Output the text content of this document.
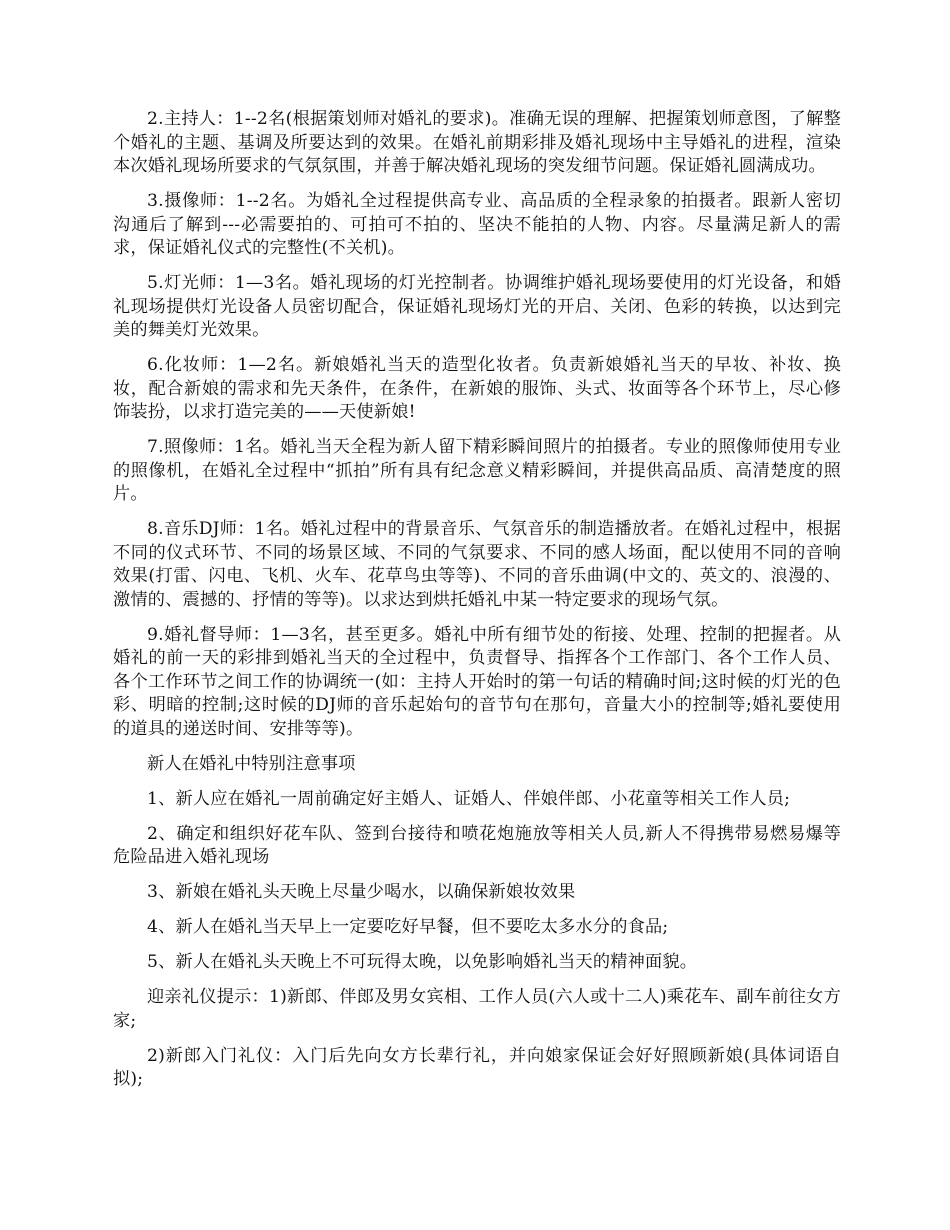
2.主持人：1--2名(根据策划师对婚礼的要求)。准确无误的理解、把握策划师意图，了解整个婚礼的主题、基调及所要达到的效果。在婚礼前期彩排及婚礼现场中主导婚礼的进程，渲染本次婚礼现场所要求的气氛氛围，并善于解决婚礼现场的突发细节问题。保证婚礼圆满成功。

3.摄像师：1--2名。为婚礼全过程提供高专业、高品质的全程录象的拍摄者。跟新人密切沟通后了解到---必需要拍的、可拍可不拍的、坚决不能拍的人物、内容。尽量满足新人的需求，保证婚礼仪式的完整性(不关机)。

5.灯光师：1—3名。婚礼现场的灯光控制者。协调维护婚礼现场要使用的灯光设备，和婚礼现场提供灯光设备人员密切配合，保证婚礼现场灯光的开启、关闭、色彩的转换，以达到完美的舞美灯光效果。

6.化妆师：1—2名。新娘婚礼当天的造型化妆者。负责新娘婚礼当天的早妆、补妆、换妆，配合新娘的需求和先天条件，在条件，在新娘的服饰、头式、妆面等各个环节上，尽心修饰装扮，以求打造完美的——天使新娘!

7.照像师：1名。婚礼当天全程为新人留下精彩瞬间照片的拍摄者。专业的照像师使用专业的照像机，在婚礼全过程中“抓拍”所有具有纪念意义精彩瞬间，并提供高品质、高清楚度的照片。

8.音乐DJ师：1名。婚礼过程中的背景音乐、气氛音乐的制造播放者。在婚礼过程中，根据不同的仪式环节、不同的场景区域、不同的气氛要求、不同的感人场面，配以使用不同的音响效果(打雷、闪电、飞机、火车、花草鸟虫等等)、不同的音乐曲调(中文的、英文的、浪漫的、激情的、震撼的、抒情的等等)。以求达到烘托婚礼中某一特定要求的现场气氛。

9.婚礼督导师：1—3名，甚至更多。婚礼中所有细节处的衔接、处理、控制的把握者。从婚礼的前一天的彩排到婚礼当天的全过程中，负责督导、指挥各个工作部门、各个工作人员、各个工作环节之间工作的协调统一(如：主持人开始时的第一句话的精确时间;这时候的灯光的色彩、明暗的控制;这时候的DJ师的音乐起始句的音节句在那句，音量大小的控制等;婚礼要使用的道具的递送时间、安排等等)。

新人在婚礼中特别注意事项

1、新人应在婚礼一周前确定好主婚人、证婚人、伴娘伴郎、小花童等相关工作人员;

2、确定和组织好花车队、签到台接待和喷花炮施放等相关人员,新人不得携带易燃易爆等危险品进入婚礼现场

3、新娘在婚礼头天晚上尽量少喝水，以确保新娘妆效果

4、新人在婚礼当天早上一定要吃好早餐，但不要吃太多水分的食品;

5、新人在婚礼头天晚上不可玩得太晚，以免影响婚礼当天的精神面貌。

迎亲礼仪提示：1)新郎、伴郎及男女宾相、工作人员(六人或十二人)乘花车、副车前往女方家;

2)新郎入门礼仪：入门后先向女方长辈行礼，并向娘家保证会好好照顾新娘(具体词语自拟);
